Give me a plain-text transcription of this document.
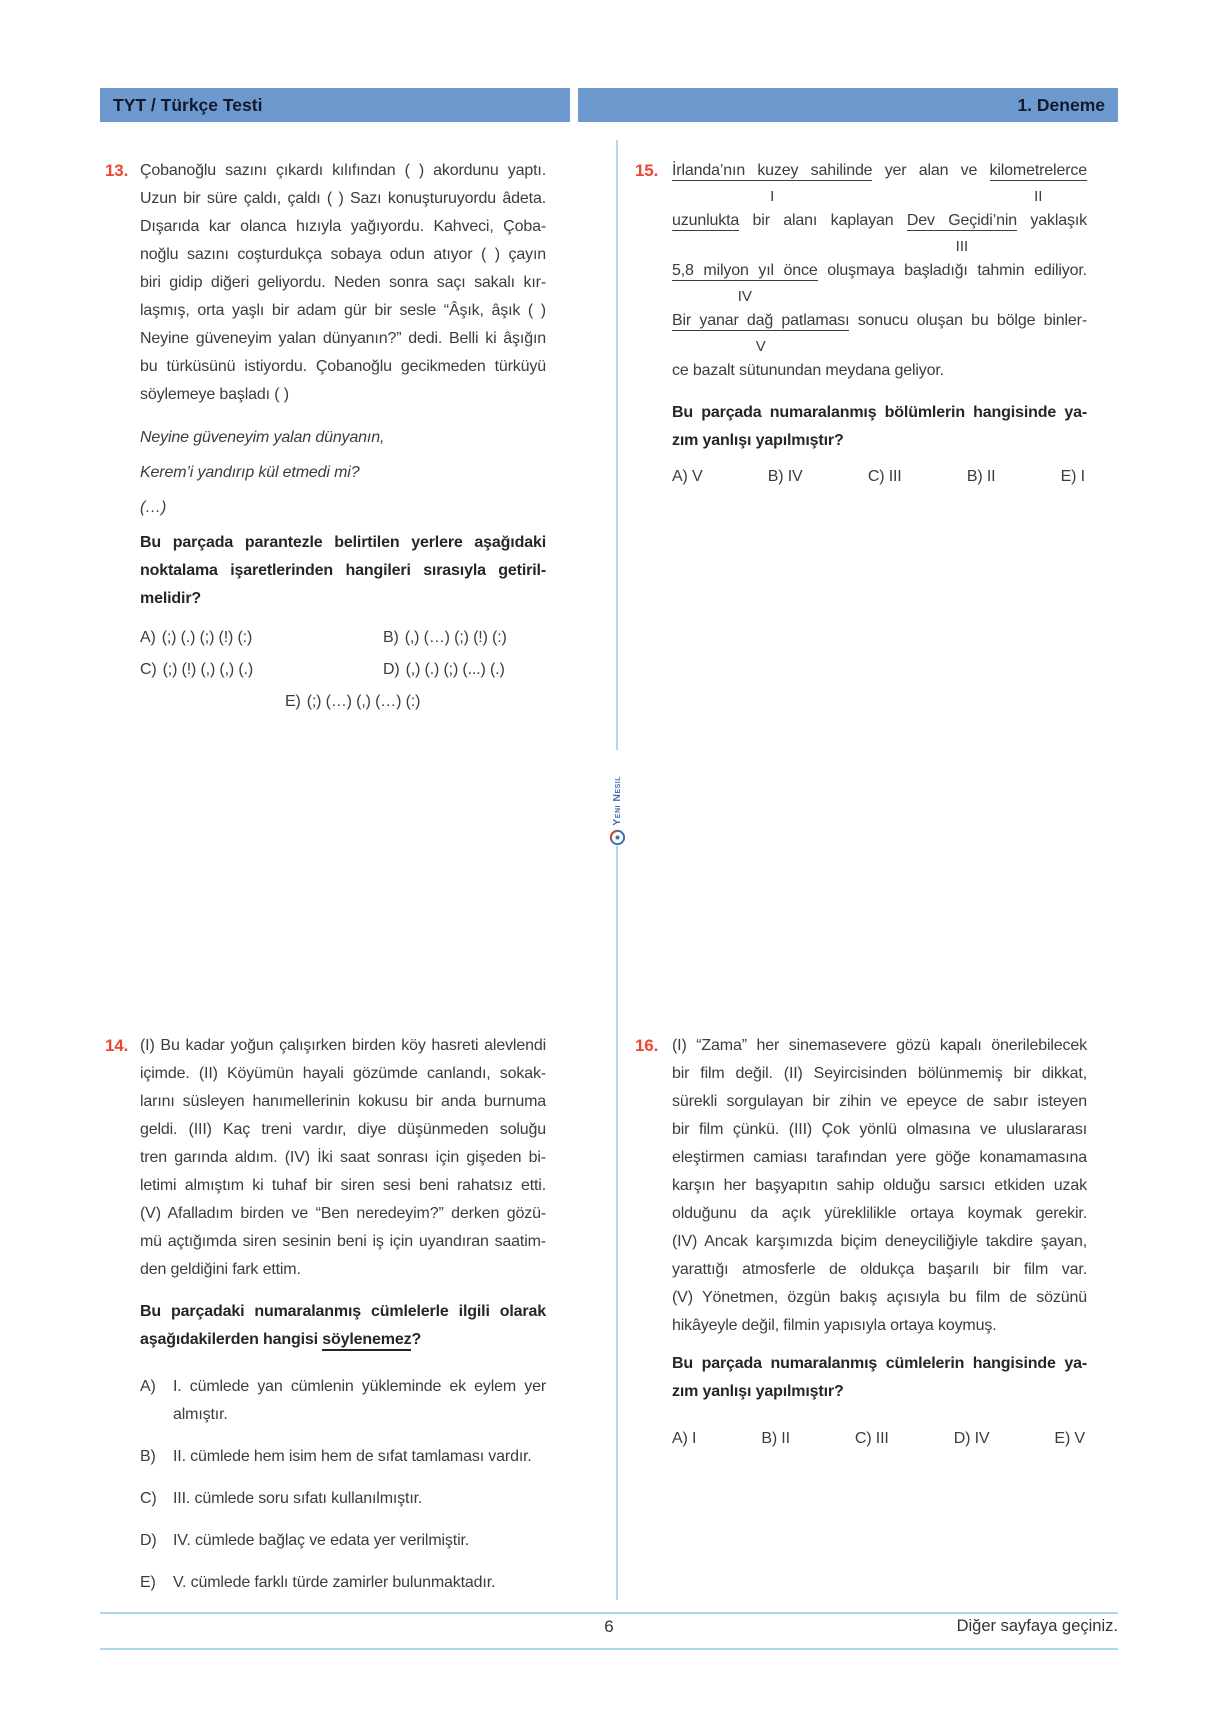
TYT / Türkçe Testi	1. Deneme
Yeni Nesil
13. Çobanoğlu sazını çıkardı kılıfından ( ) akordunu yaptı.
Uzun bir süre çaldı, çaldı ( ) Sazı konuşturuyordu âdeta.
Dışarıda kar olanca hızıyla yağıyordu. Kahveci, Çoba-
noğlu sazını coşturdukça sobaya odun atıyor ( ) çayın
biri gidip diğeri geliyordu. Neden sonra saçı sakalı kır-
laşmış, orta yaşlı bir adam gür bir sesle “Âşık, âşık ( )
Neyine güveneyim yalan dünyanın?” dedi. Belli ki âşığın
bu türküsünü istiyordu. Çobanoğlu gecikmeden türküyü
söylemeye başladı ( )
Neyine güveneyim yalan dünyanın,
Kerem’i yandırıp kül etmedi mi?
(…)
Bu parçada parantezle belirtilen yerlere aşağıdaki
noktalama işaretlerinden hangileri sırasıyla getiril-
melidir?
A) (;) (.) (;) (!) (:)	B) (,) (…) (;) (!) (:)
C) (;) (!) (,) (,) (.)	D) (,) (.) (;) (...) (.)
E) (;) (…) (,) (…) (:)
15. İrlanda’nın kuzey sahilinde
I
yer alan ve kilometrelerce
II
uzunlukta bir alanı kaplayan Dev Geçidi’nin
III
yaklaşık
5,8 milyon yıl önce
IV
oluşmaya başladığı tahmin ediliyor.
Bir yanar dağ patlaması
V
sonucu oluşan bu bölge binler-
ce bazalt sütunundan meydana geliyor.
Bu parçada numaralanmış bölümlerin hangisinde ya-
zım yanlışı yapılmıştır?
A) V	B) IV	C) III	B) II	E) I
14. (I) Bu kadar yoğun çalışırken birden köy hasreti alevlendi
içimde. (II) Köyümün hayali gözümde canlandı, sokak-
larını süsleyen hanımellerinin kokusu bir anda burnuma
geldi. (III) Kaç treni vardır, diye düşünmeden soluğu
tren garında aldım. (IV) İki saat sonrası için gişeden bi-
letimi almıştım ki tuhaf bir siren sesi beni rahatsız etti.
(V) Afalladım birden ve “Ben neredeyim?” derken gözü-
mü açtığımda siren sesinin beni iş için uyandıran saatim-
den geldiğini fark ettim.
Bu parçadaki numaralanmış cümlelerle ilgili olarak
aşağıdakilerden hangisi söylenemez?
A)	I. cümlede yan cümlenin yükleminde ek eylem yer
almıştır.
B)	II. cümlede hem isim hem de sıfat tamlaması vardır.
C)	III. cümlede soru sıfatı kullanılmıştır.
D)	IV. cümlede bağlaç ve edata yer verilmiştir.
E)	V. cümlede farklı türde zamirler bulunmaktadır.
16. (I) “Zama” her sinemasevere gözü kapalı önerilebilecek
bir film değil. (II) Seyircisinden bölünmemiş bir dikkat,
sürekli sorgulayan bir zihin ve epeyce de sabır isteyen
bir film çünkü. (III) Çok yönlü olmasına ve uluslararası
eleştirmen camiası tarafından yere göğe konamamasına
karşın her başyapıtın sahip olduğu sarsıcı etkiden uzak
olduğunu da açık yüreklilikle ortaya koymak gerekir.
(IV) Ancak karşımızda biçim deneyciliğiyle takdire şayan,
yarattığı atmosferle de oldukça başarılı bir film var.
(V) Yönetmen, özgün bakış açısıyla bu film de sözünü
hikâyeyle değil, filmin yapısıyla ortaya koymuş.
Bu parçada numaralanmış cümlelerin hangisinde ya-
zım yanlışı yapılmıştır?
A) I	B) II	C) III	D) IV	E) V
6	Diğer sayfaya geçiniz.
